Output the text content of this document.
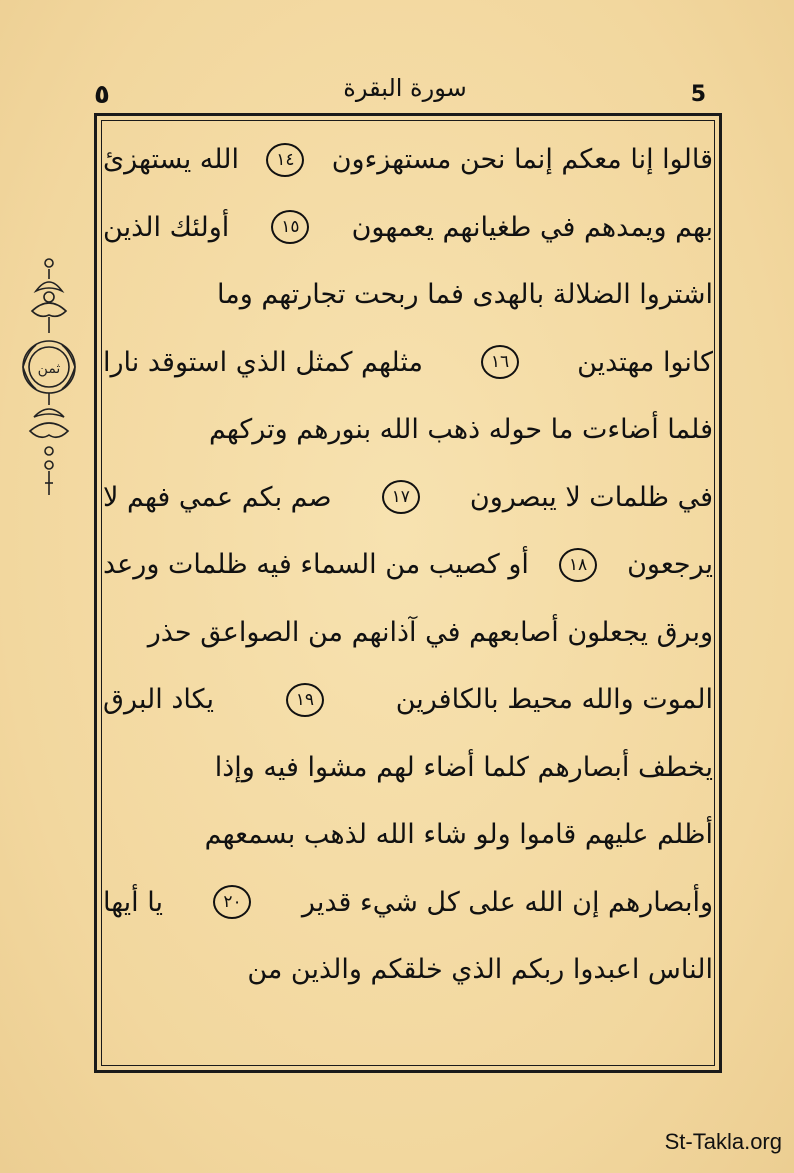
٥	سورة البقرة	5
ثمن
قالوا إنا معكم إنما نحن مستهزءون
١٤
الله يستهزئ
بهم ويمدهم في طغيانهم يعمهون
١٥
أولئك الذين
اشتروا الضلالة بالهدى فما ربحت تجارتهم وما
كانوا مهتدين
١٦
مثلهم كمثل الذي استوقد نارا
فلما أضاءت ما حوله ذهب الله بنورهم وتركهم
في ظلمات لا يبصرون
١٧
صم بكم عمي فهم لا
يرجعون
١٨
أو كصيب من السماء فيه ظلمات ورعد
وبرق يجعلون أصابعهم في آذانهم من الصواعق حذر
الموت والله محيط بالكافرين
١٩
يكاد البرق
يخطف أبصارهم كلما أضاء لهم مشوا فيه وإذا
أظلم عليهم قاموا ولو شاء الله لذهب بسمعهم
وأبصارهم إن الله على كل شيء قدير
٢٠
يا أيها
الناس اعبدوا ربكم الذي خلقكم والذين من
St-Takla.org
